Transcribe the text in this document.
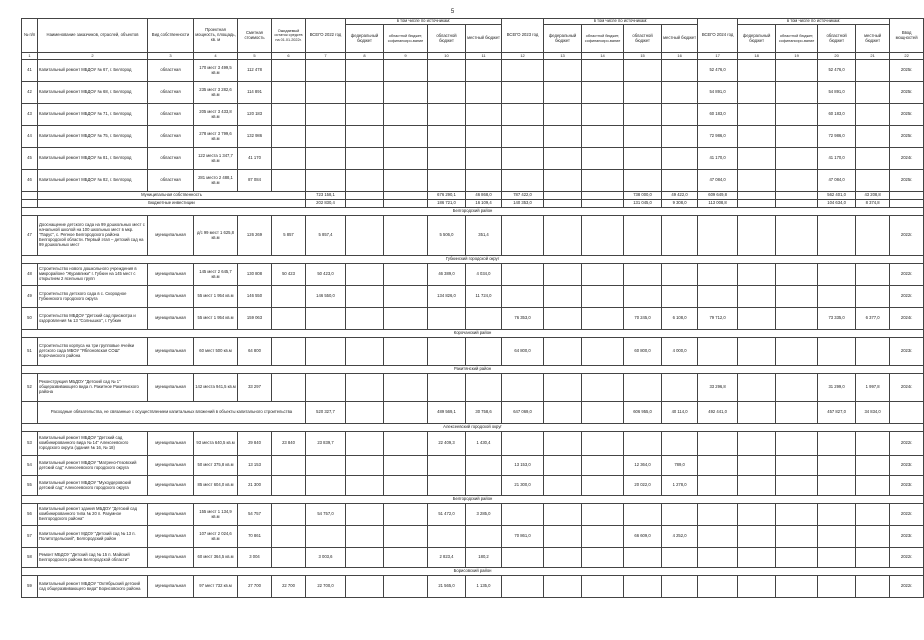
5
№ п/п	Наименование заказчиков, отраслей, объектов	Вид собственности	Проектная мощность, площадь, кв. м	Сметная стоимость	Ожидаемый остаток средств на 01.01.2022г.	ВСЕГО 2022 год	в том числе по источникам:				ВСЕГО 2023 год	в том числе по источникам:				ВСЕГО 2024 год	в том числе по источникам:				Ввод мощностей
							федеральный бюджет	областной бюджет, софинансиро-вание	областной бюджет	местный бюджет		федеральный бюджет	областной бюджет, софинансиро-вание	областной бюджет	местный бюджет		федеральный бюджет	областной бюджет, софинансиро-вание	областной бюджет	местный бюджет	
1	2	3	4	5	6	7	8	9	10	11	12	13	14	15	16	17	18	19	20	21	22
41	Капитальный ремонт МБДОУ № 67, г. Белгород	областная	170 мест 3 499,5 кв.м	112 478												52 476,0			52 476,0		2025г.
42	Капитальный ремонт МБДОУ № 68, г. Белгород	областная	235 мест 3 282,6 кв.м	114 891												54 891,0			54 891,0		2025г.
43	Капитальный ремонт МБДОУ № 71, г. Белгород	областная	205 мест 3 433,8 кв.м	120 183												60 183,0			60 183,0		2025г.
44	Капитальный ремонт МБДОУ № 75, г. Белгород	областная	278 мест 3 799,6 кв.м	132 986												72 986,0			72 986,0		2025г.
45	Капитальный ремонт МБДОУ № 81, г. Белгород	областная	122 места 1 347,7 кв.м	41 170												41 170,0			41 170,0		2024г.
46	Капитальный ремонт МБДОУ № 82, г. Белгород	областная	281 место 2 488,1 кв.м	87 084												47 084,0			47 084,0		2025г.
	Муниципальная собственность					723 158,1			676 290,1	46 868,0	787 422,0			738 000,0	49 422,0	609 649,8			562 401,0	43 208,8	
	Бюджетные инвестиции					202 830,4			186 721,0	16 109,4	140 353,0			131 045,0	9 308,0	113 008,8			104 634,0	8 374,8	
Белгородский район																					
47	Дооснащение детского сада на 99 дошкольных мест с начальной школой на 100 школьных мест в мкр. "Парус", с. Репное Белгородского района Белгородской области. Первый этап – детский сад на 99 дошкольных мест	муниципальная	д/с 99 мест 1 625,8 кв.м	126 269	5 857	5 857,4			5 506,0	351,4											2022г.
Губкинский городской округ																					
48	Строительство нового дошкольного учреждения в микрорайоне "Журавлики" г. Губкин на 145 мест с открытием 2 ясельных групп	муниципальная	145 мест 2 645,7 кв.м	130 808	50 423	50 423,0			46 389,0	4 034,0											2022г.
49	Строительство детского сада в с. Скородное Губкинского городского округа	муниципальная	55 мест 1 954 кв.м	146 550		146 550,0			134 826,0	11 724,0											2022г.
50	Строительство МБДОУ "Детский сад присмотра и оздоровления № 13 "Солнышко", г. Губкин	муниципальная	55 мест 1 954 кв.м	159 063							76 353,0			70 245,0	6 108,0	79 712,0			73 335,0	6 377,0	2024г.
Корочанский район																					
51	Строительство корпуса на три групповые ячейки детского сада МБОУ "Яблоновская СОШ" Корочанского района	муниципальная	60 мест 500 кв.м	64 800							64 800,0			60 800,0	4 000,0						2023г.
Ракитянский район																					
52	Реконструкция МБДОУ "Детский сад № 1" общеразвивающего вида п. Ракитное Ракитянского района	муниципальная	142 места 941,5 кв.м	33 297												33 296,8			31 299,0	1 997,8	2024г.
	Расходные обязательства, не связанные с осуществлением капитальных вложений в объекты капитального строительства					520 327,7			489 569,1	30 758,6	647 069,0			606 955,0	40 114,0	492 441,0			457 827,0	34 834,0	
Алексеевский городской округ																					
53	Капитальный ремонт МБДОУ "Детский сад комбинированного вида № 14" Алексеевского городского округа (здания № 16, № 18)	муниципальная	93 места 640,5 кв.м	29 840	23 840	23 839,7			22 409,3	1 430,4											2022г.
54	Капитальный ремонт МБДОУ "Матрено-Гезовский детский сад" Алексеевского городского округа	муниципальная	50 мест 375,8 кв.м	13 153							13 153,0			12 364,0	789,0						2023г.
55	Капитальный ремонт МБДОУ "Мухоудеровский детский сад" Алексеевского городского округа	муниципальная	85 мест 604,0 кв.м	21 300							21 300,0			20 022,0	1 278,0						2023г.
Белгородский район																					
56	Капитальный ремонт здания МБДОУ "Детский сад комбинированного типа № 20 п. Разумное Белгородского района"	муниципальная	155 мест 1 134,9 кв.м	54 757		54 757,0			51 472,0	3 285,0											2022г.
57	Капитальный ремонт МДОУ "Детский сад № 13 п. Политотдельский", Белгородский район	муниципальная	107 мест 2 024,6 кв.м	70 861							70 861,0			66 609,0	4 252,0						2023г.
58	Ремонт МБДОУ "Детский сад № 15 п. Майский Белгородского района Белгородской области"	муниципальная	60 мест 364,5 кв.м	3 004		3 003,6			2 823,4	180,2											2022г.
Борисовский район																					
59	Капитальный ремонт МБДОУ "Октябрьский детский сад общеразвивающего вида" Борисовского района	муниципальная	97 мест 732 кв.м	27 700	22 700	22 700,0			21 565,0	1 135,0											2022г.
